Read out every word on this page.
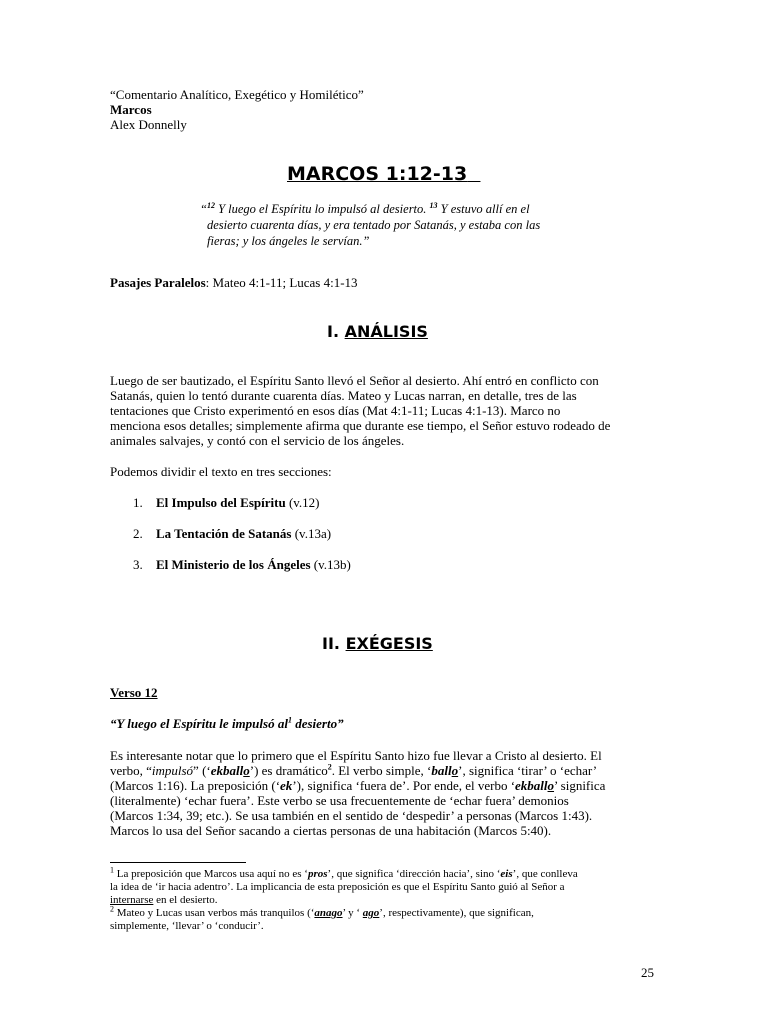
“Comentario Analítico, Exegético y Homilético”
Marcos
Alex Donnelly
MARCOS 1:12-13
“$^{12}$ Y luego el Espíritu lo impulsó al desierto. $^{13}$ Y estuvo allí en el
desierto cuarenta días, y era tentado por Satanás, y estaba con las
fieras; y los ángeles le servían.”
Pasajes Paralelos: Mateo 4:1-11; Lucas 4:1-13
I. ANÁLISIS
Luego de ser bautizado, el Espíritu Santo llevó el Señor al desierto. Ahí entró en conflicto con
Satanás, quien lo tentó durante cuarenta días. Mateo y Lucas narran, en detalle, tres de las
tentaciones que Cristo experimentó en esos días (Mat 4:1-11; Lucas 4:1-13). Marco no
menciona esos detalles; simplemente afirma que durante ese tiempo, el Señor estuvo rodeado de
animales salvajes, y contó con el servicio de los ángeles.
Podemos dividir el texto en tres secciones:
1. El Impulso del Espíritu (v.12)
2. La Tentación de Satanás (v.13a)
3. El Ministerio de los Ángeles (v.13b)
II. EXÉGESIS
Verso 12
“Y luego el Espíritu le impulsó $al^1$ desierto”
Es interesante notar que lo primero que el Espíritu Santo hizo fue llevar a Cristo al desierto. El
verbo, “impulsó” (‘ekballo’) es dramático$^2$. El verbo simple, ‘ballo’, significa ‘tirar’ o ‘echar’
(Marcos 1:16). La preposición (‘ek’), significa ‘fuera de’. Por ende, el verbo ‘ekballo’ significa
(literalmente) ‘echar fuera’. Este verbo se usa frecuentemente de ‘echar fuera’ demonios
(Marcos 1:34, 39; etc.). Se usa también en el sentido de ‘despedir’ a personas (Marcos 1:43).
Marcos lo usa del Señor sacando a ciertas personas de una habitación (Marcos 5:40).
$^1$ La preposición que Marcos usa aquí no es ‘pros’, que significa ‘dirección hacia’, sino ‘eis’, que conlleva
la idea de ‘ir hacia adentro’. La implicancia de esta preposición es que el Espíritu Santo guió al Señor a
internarse en el desierto.
$^2$ Mateo y Lucas usan verbos más tranquilos (‘anago’ y ‘ ago’, respectivamente), que significan,
simplemente, ‘llevar’ o ‘conducir’.
25
